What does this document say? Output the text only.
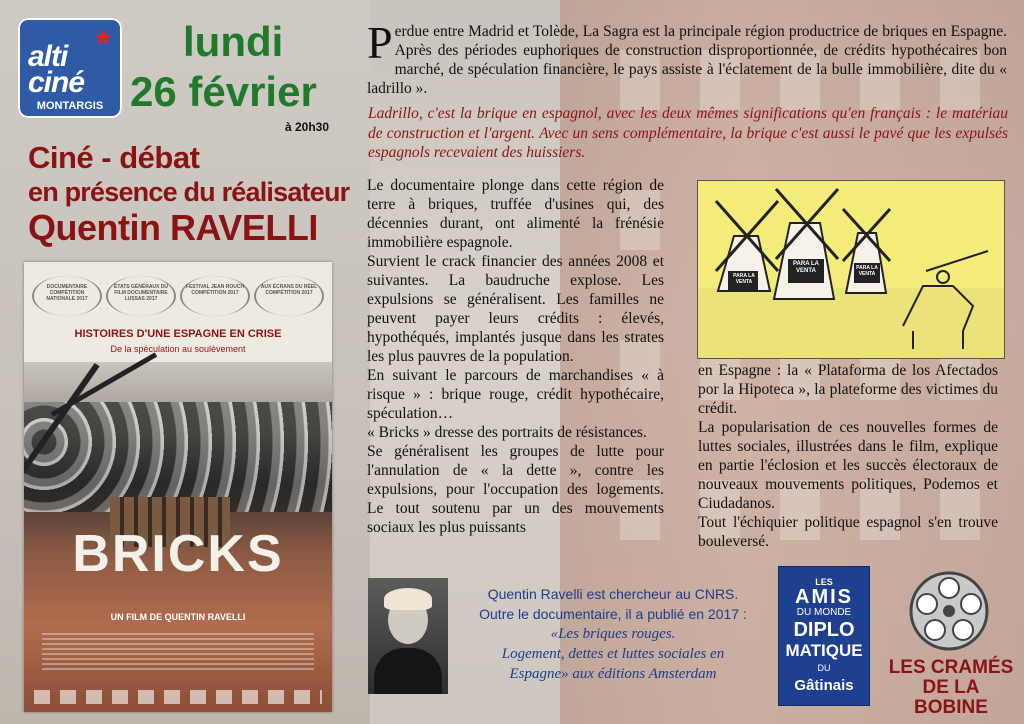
alti
ciné
MONTARGIS
lundi
26 février
à 20h30
Ciné - débat
en présence du réalisateur
Quentin RAVELLI
DOCUMENTAIRE COMPÉTITION NATIONALE 2017
ÉTATS GÉNÉRAUX DU FILM DOCUMENTAIRE LUSSAS 2017
FESTIVAL JEAN ROUCH COMPÉTITION 2017
AUX ÉCRANS DU RÉEL COMPÉTITION 2017
HISTOIRES D'UNE ESPAGNE EN CRISE
De la spéculation au soulèvement
BRICKS
UN FILM DE QUENTIN RAVELLI
Perdue entre Madrid et Tolède, La Sagra est la principale région productrice de briques en Espagne. Après des périodes euphoriques de construction disproportionnée, de crédits hypothécaires bon marché, de spéculation financière, le pays assiste à l'éclatement de la bulle immobilière, dite du « ladrillo ».
Ladrillo, c'est la brique en espagnol, avec les deux mêmes significations qu'en français : le matériau de construction et l'argent. Avec un sens complémentaire, la brique c'est aussi le pavé que les expulsés espagnols recevaient des huissiers.

Le documentaire plonge dans cette région de terre à briques, truffée d'usines qui, des décennies durant, ont alimenté la frénésie immobilière espagnole.

Survient le crack financier des années 2008 et suivantes. La baudruche explose. Les expulsions se généralisent. Les familles ne peuvent payer leurs crédits : élevés, hypothéqués, implantés jusque dans les strates les plus pauvres de la population.

En suivant le parcours de marchandises « à risque » : brique rouge, crédit hypothécaire, spéculation…

« Bricks » dresse des portraits de résistances.

Se généralisent les groupes de lutte pour l'annulation de « la dette », contre les expulsions, pour l'occupation des logements. Le tout soutenu par un des mouvements sociaux les plus puissants

PARA LA VENTA
PARA LA VENTA	PARA LA VENTA

en Espagne : la « Plataforma de los Afectados por la Hipoteca », la plateforme des victimes du crédit.

La popularisation de ces nouvelles formes de luttes sociales, illustrées dans le film, explique en partie l'éclosion et les succès électoraux de nouveaux mouvements politiques, Podemos et Ciudadanos.

Tout l'échiquier politique espagnol s'en trouve bouleversé.

Quentin Ravelli est chercheur au CNRS.
Outre le documentaire, il a publié en 2017 :
«Les briques rouges.
Logement, dettes et luttes sociales en
Espagne» aux éditions Amsterdam
LES
AMIS
DU MONDE
DIPLO
MATIQUE
DU
Gâtinais
LES CRAMÉS
DE LA BOBINE
